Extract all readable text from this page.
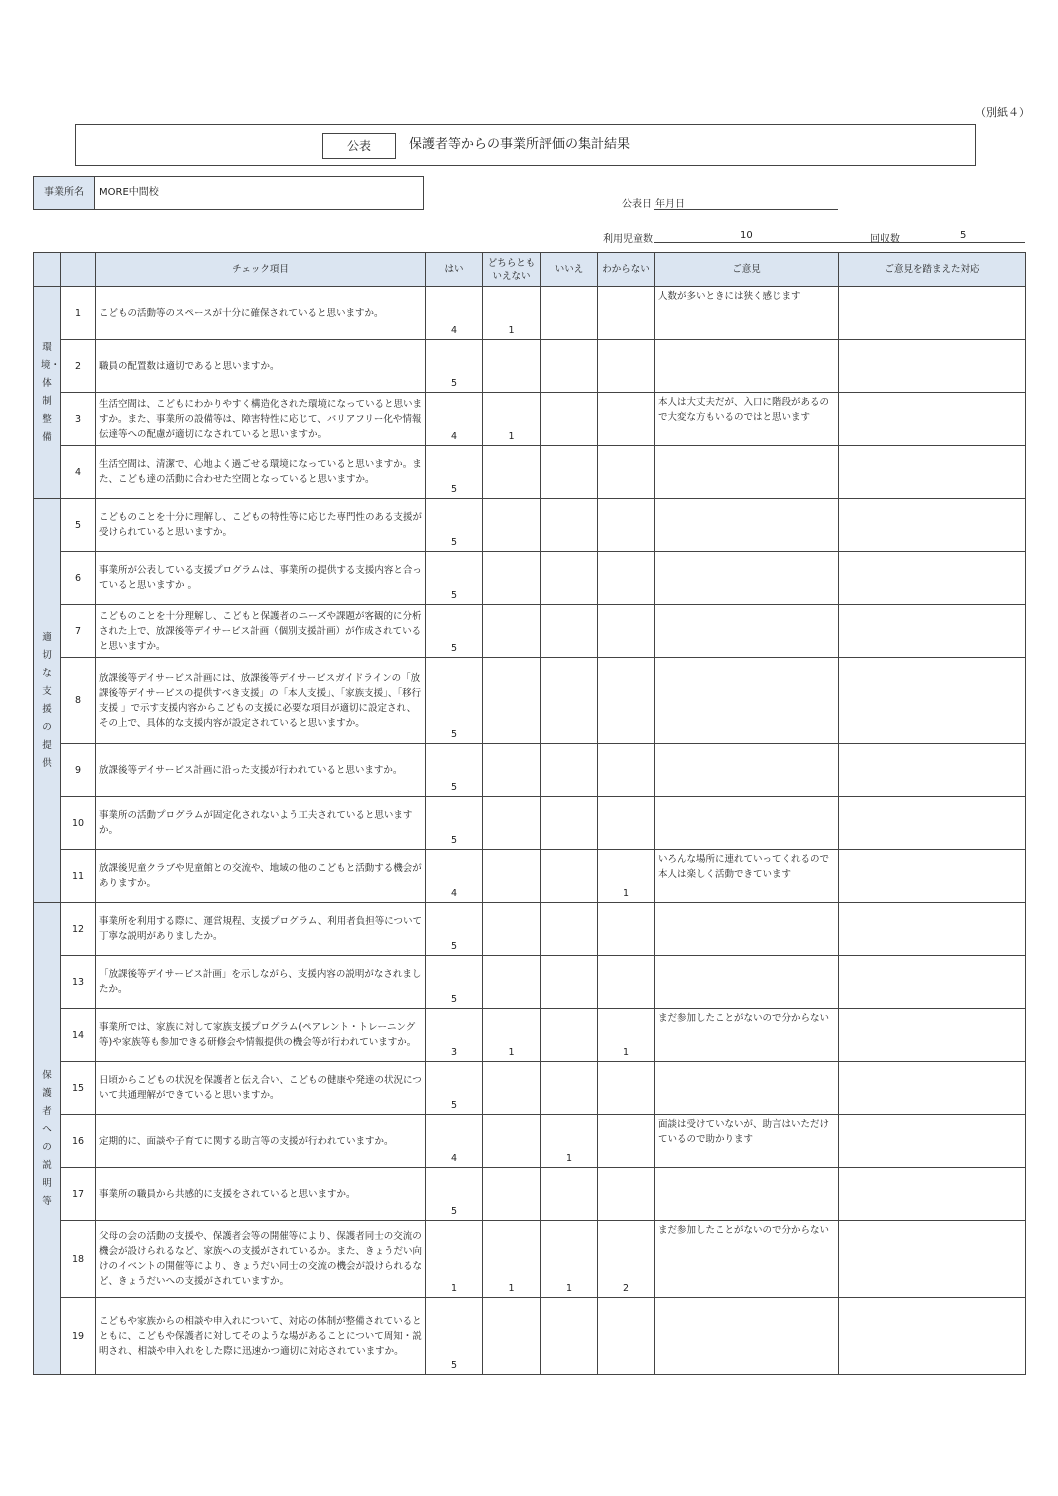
（別紙４）
公表	保護者等からの事業所評価の集計結果
事業所名	MORE中間校
公表日 年月日
利用児童数	10	回収数	5
		チェック項目	はい	どちらとも いえない	いいえ	わからない	ご意見	ご意見を踏まえた対応

環境・体制整備	1	こどもの活動等のスペースが十分に確保されていると思いますか。	4	1			人数が多いときには狭く感じます	
	2	職員の配置数は適切であると思いますか。	5					
	3	生活空間は、こどもにわかりやすく構造化された環境になっていると思いますか。また、事業所の設備等は、障害特性に応じて、バリアフリー化や情報伝達等への配慮が適切になされていると思いますか。	4	1			本人は大丈夫だが、入口に階段があるので大変な方もいるのではと思います	
	4	生活空間は、清潔で、心地よく過ごせる環境になっていると思いますか。また、こども達の活動に合わせた空間となっていると思いますか。	5					

適切な支援の提供	5	こどものことを十分に理解し、こどもの特性等に応じた専門性のある支援が受けられていると思いますか。	5					
	6	事業所が公表している支援プログラムは、事業所の提供する支援内容と合っていると思いますか 。	5					
	7	こどものことを十分理解し、こどもと保護者のニーズや課題が客観的に分析された上で、放課後等デイサービス計画（個別支援計画）が作成されていると思いますか。	5					
	8	放課後等デイサービス計画には、放課後等デイサービスガイドラインの「放課後等デイサービスの提供すべき支援」の「本人支援」、「家族支援」、「移行支援 」で示す支援内容からこどもの支援に必要な項目が適切に設定され、その上で、具体的な支援内容が設定されていると思いますか。	5					
	9	放課後等デイサービス計画に沿った支援が行われていると思いますか。	5					
	10	事業所の活動プログラムが固定化されないよう工夫されていると思いますか。	5					
	11	放課後児童クラブや児童館との交流や、地域の他のこどもと活動する機会がありますか。	4			1	いろんな場所に連れていってくれるので本人は楽しく活動できています	

保護者への説明等	12	事業所を利用する際に、運営規程、支援プログラム、利用者負担等について丁寧な説明がありましたか。	5					
	13	「放課後等デイサービス計画」を示しながら、支援内容の説明がなされましたか。	5					
	14	事業所では、家族に対して家族支援プログラム(ペアレント・トレーニング等)や家族等も参加できる研修会や情報提供の機会等が行われていますか。	3	1		1	まだ参加したことがないので分からない	
	15	日頃からこどもの状況を保護者と伝え合い、こどもの健康や発達の状況について共通理解ができていると思いますか。	5					
	16	定期的に、面談や子育てに関する助言等の支援が行われていますか。	4		1		面談は受けていないが、助言はいただけているので助かります	
	17	事業所の職員から共感的に支援をされていると思いますか。	5					
	18	父母の会の活動の支援や、保護者会等の開催等により、保護者同士の交流の機会が設けられるなど、家族への支援がされているか。また、きょうだい向けのイベントの開催等により、きょうだい同士の交流の機会が設けられるなど、きょうだいへの支援がされていますか。	1	1	1	2	まだ参加したことがないので分からない	
	19	こどもや家族からの相談や申入れについて、対応の体制が整備されているとともに、こどもや保護者に対してそのような場があることについて周知・説明され、相談や申入れをした際に迅速かつ適切に対応されていますか。	5					
